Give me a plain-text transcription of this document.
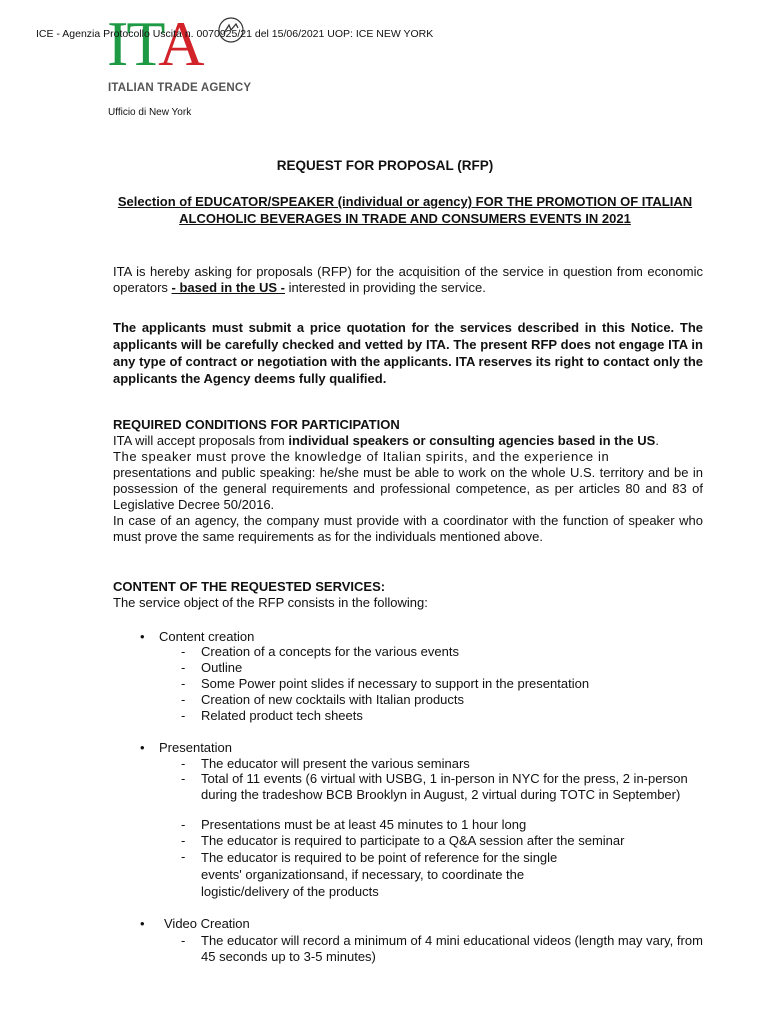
ITA
ITALIAN TRADE AGENCY
ICE - Agenzia Protocollo Uscita n. 0070925/21 del 15/06/2021 UOP: ICE NEW YORK
Ufficio di New York
REQUEST FOR PROPOSAL (RFP)
Selection of EDUCATOR/SPEAKER (individual or agency) FOR THE PROMOTION OF ITALIAN ALCOHOLIC BEVERAGES IN TRADE AND CONSUMERS EVENTS IN 2021
ITA is hereby asking for proposals (RFP) for the acquisition of the service in question from economic operators - based in the US - interested in providing the service.
The applicants must submit a price quotation for the services described in this Notice. The applicants will be carefully checked and vetted by ITA. The present RFP does not engage ITA in any type of contract or negotiation with the applicants. ITA reserves its right to contact only the applicants the Agency deems fully qualified.
REQUIRED CONDITIONS FOR PARTICIPATION
ITA will accept proposals from individual speakers or consulting agencies based in the US.
The speaker must prove the knowledge of Italian spirits, and the experience in
presentations and public speaking: he/she must be able to work on the whole U.S. territory and be in possession of the general requirements and professional competence, as per articles 80 and 83 of Legislative Decree 50/2016.
In case of an agency, the company must provide with a coordinator with the function of speaker who must prove the same requirements as for the individuals mentioned above.
CONTENT OF THE REQUESTED SERVICES:
The service object of the RFP consists in the following:
• Content creation
- Creation of a concepts for the various events
- Outline
- Some Power point slides if necessary to support in the presentation
- Creation of new cocktails with Italian products
- Related product tech sheets
• Presentation
- The educator will present the various seminars
- Total of 11 events (6 virtual with USBG, 1 in-person in NYC for the press, 2 in-person during the tradeshow BCB Brooklyn in August, 2 virtual during TOTC in September)
- Presentations must be at least 45 minutes to 1 hour long
- The educator is required to participate to a Q&A session after the seminar
- The educator is required to be point of reference for the single events' organizationsand, if necessary, to coordinate the logistic/delivery of the products
• Video Creation
- The educator will record a minimum of 4 mini educational videos (length may vary, from 45 seconds up to 3-5 minutes)
